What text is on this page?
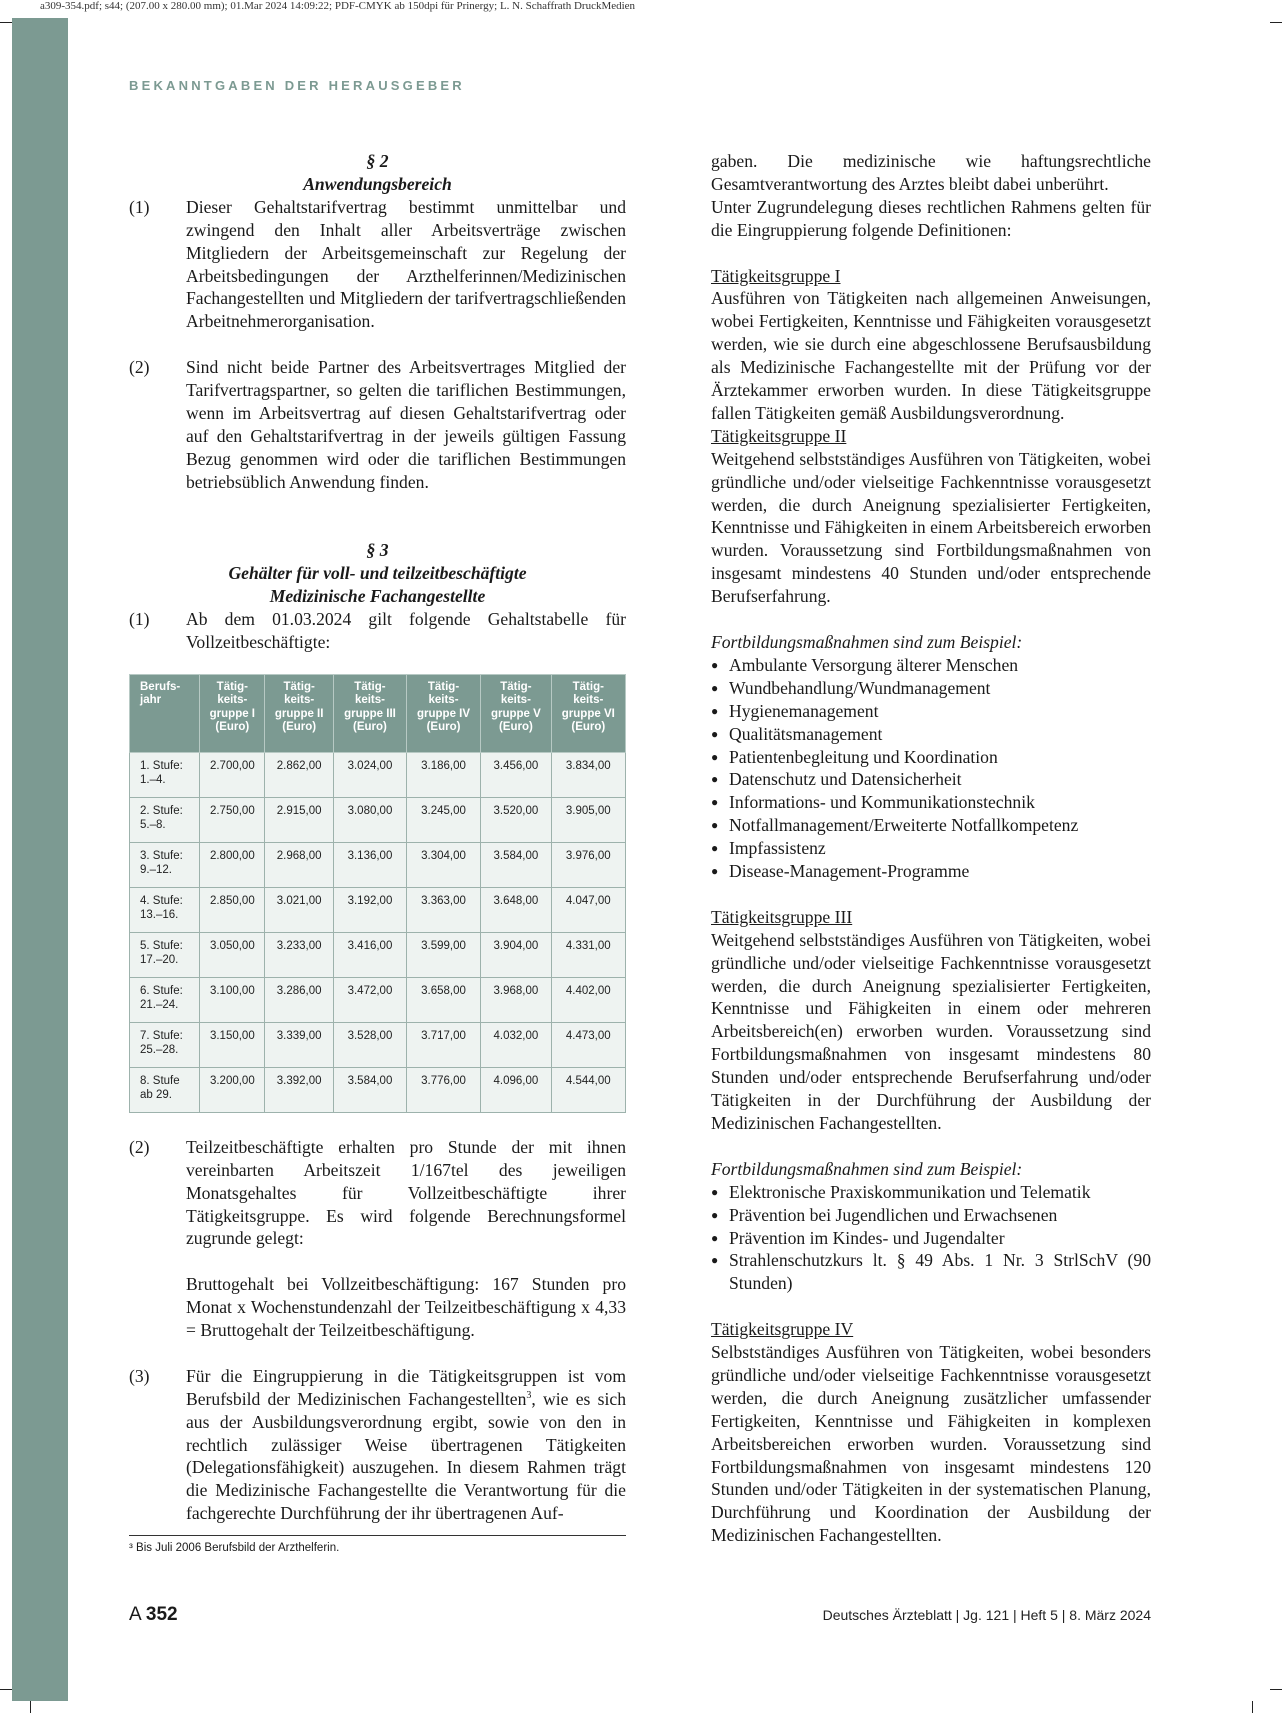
a309-354.pdf; s44; (207.00 x 280.00 mm); 01.Mar 2024 14:09:22; PDF-CMYK ab 150dpi für Prinergy; L. N. Schaffrath DruckMedien
BEKANNTGABEN DER HERAUSGEBER
§ 2
Anwendungsbereich
(1)	Dieser Gehaltstarifvertrag bestimmt unmittelbar und zwingend den Inhalt aller Arbeitsverträge zwischen Mitgliedern der Arbeitsgemeinschaft zur Regelung der Arbeitsbedingungen der Arzthelferinnen/Medizinischen Fachangestellten und Mitgliedern der tarifvertragschließenden Arbeitnehmerorganisation.
(2)	Sind nicht beide Partner des Arbeitsvertrages Mitglied der Tarifvertragspartner, so gelten die tariflichen Bestimmungen, wenn im Arbeitsvertrag auf diesen Gehaltstarifvertrag oder auf den Gehaltstarifvertrag in der jeweils gültigen Fassung Bezug genommen wird oder die tariflichen Bestimmungen betriebsüblich Anwendung finden.
§ 3
Gehälter für voll- und teilzeitbeschäftigte
Medizinische Fachangestellte
(1)	Ab dem 01.03.2024 gilt folgende Gehaltstabelle für Vollzeitbeschäftigte:
Berufs-
jahr	Tätig-
keits-
gruppe I
(Euro)	Tätig-
keits-
gruppe II
(Euro)	Tätig-
keits-
gruppe III
(Euro)	Tätig-
keits-
gruppe IV
(Euro)	Tätig-
keits-
gruppe V
(Euro)	Tätig-
keits-
gruppe VI
(Euro)
1. Stufe:
1.–4.	2.700,00	2.862,00	3.024,00	3.186,00	3.456,00	3.834,00
2. Stufe:
5.–8.	2.750,00	2.915,00	3.080,00	3.245,00	3.520,00	3.905,00
3. Stufe:
9.–12.	2.800,00	2.968,00	3.136,00	3.304,00	3.584,00	3.976,00
4. Stufe:
13.–16.	2.850,00	3.021,00	3.192,00	3.363,00	3.648,00	4.047,00
5. Stufe:
17.–20.	3.050,00	3.233,00	3.416,00	3.599,00	3.904,00	4.331,00
6. Stufe:
21.–24.	3.100,00	3.286,00	3.472,00	3.658,00	3.968,00	4.402,00
7. Stufe:
25.–28.	3.150,00	3.339,00	3.528,00	3.717,00	4.032,00	4.473,00
8. Stufe
ab 29.	3.200,00	3.392,00	3.584,00	3.776,00	4.096,00	4.544,00
(2)	Teilzeitbeschäftigte erhalten pro Stunde der mit ihnen vereinbarten Arbeitszeit 1/167tel des jeweiligen Monatsgehaltes für Vollzeitbeschäftigte ihrer Tätigkeitsgruppe. Es wird folgende Berechnungsformel zugrunde gelegt:
Bruttogehalt bei Vollzeitbeschäftigung: 167 Stunden pro Monat x Wochenstundenzahl der Teilzeitbeschäftigung x 4,33 = Bruttogehalt der Teilzeitbeschäftigung.
(3)	Für die Eingruppierung in die Tätigkeitsgruppen ist vom Berufsbild der Medizinischen Fachangestellten$^3$, wie es sich aus der Ausbildungsverordnung ergibt, sowie von den in rechtlich zulässiger Weise übertragenen Tätigkeiten (Delegationsfähigkeit) auszugehen. In diesem Rahmen trägt die Medizinische Fachangestellte die Verantwortung für die fachgerechte Durchführung der ihr übertragenen Auf-
³ Bis Juli 2006 Berufsbild der Arzthelferin.
gaben. Die medizinische wie haftungsrechtliche Gesamtverantwortung des Arztes bleibt dabei unberührt.
Unter Zugrundelegung dieses rechtlichen Rahmens gelten für die Eingruppierung folgende Definitionen:
Tätigkeitsgruppe I
Ausführen von Tätigkeiten nach allgemeinen Anweisungen, wobei Fertigkeiten, Kenntnisse und Fähigkeiten vorausgesetzt werden, wie sie durch eine abgeschlossene Berufsausbildung als Medizinische Fachangestellte mit der Prüfung vor der Ärztekammer erworben wurden. In diese Tätigkeitsgruppe fallen Tätigkeiten gemäß Ausbildungsverordnung.
Tätigkeitsgruppe II
Weitgehend selbstständiges Ausführen von Tätigkeiten, wobei gründliche und/oder vielseitige Fachkenntnisse vorausgesetzt werden, die durch Aneignung spezialisierter Fertigkeiten, Kenntnisse und Fähigkeiten in einem Arbeitsbereich erworben wurden. Voraussetzung sind Fortbildungsmaßnahmen von insgesamt mindestens 40 Stunden und/oder entsprechende Berufserfahrung.
Fortbildungsmaßnahmen sind zum Beispiel:
● Ambulante Versorgung älterer Menschen
● Wundbehandlung/Wundmanagement
● Hygienemanagement
● Qualitätsmanagement
● Patientenbegleitung und Koordination
● Datenschutz und Datensicherheit
● Informations- und Kommunikationstechnik
● Notfallmanagement/Erweiterte Notfallkompetenz
● Impfassistenz
● Disease-Management-Programme
Tätigkeitsgruppe III
Weitgehend selbstständiges Ausführen von Tätigkeiten, wobei gründliche und/oder vielseitige Fachkenntnisse vorausgesetzt werden, die durch Aneignung spezialisierter Fertigkeiten, Kenntnisse und Fähigkeiten in einem oder mehreren Arbeitsbereich(en) erworben wurden. Voraussetzung sind Fortbildungsmaßnahmen von insgesamt mindestens 80 Stunden und/oder entsprechende Berufserfahrung und/oder Tätigkeiten in der Durchführung der Ausbildung der Medizinischen Fachangestellten.
Fortbildungsmaßnahmen sind zum Beispiel:
● Elektronische Praxiskommunikation und Telematik
● Prävention bei Jugendlichen und Erwachsenen
● Prävention im Kindes- und Jugendalter
● Strahlenschutzkurs lt. § 49 Abs. 1 Nr. 3 StrlSchV (90 Stunden)
Tätigkeitsgruppe IV
Selbstständiges Ausführen von Tätigkeiten, wobei besonders gründliche und/oder vielseitige Fachkenntnisse vorausgesetzt werden, die durch Aneignung zusätzlicher umfassender Fertigkeiten, Kenntnisse und Fähigkeiten in komplexen Arbeitsbereichen erworben wurden. Voraussetzung sind Fortbildungsmaßnahmen von insgesamt mindestens 120 Stunden und/oder Tätigkeiten in der systematischen Planung, Durchführung und Koordination der Ausbildung der Medizinischen Fachangestellten.
A 352	Deutsches Ärzteblatt | Jg. 121 | Heft 5 | 8. März 2024
